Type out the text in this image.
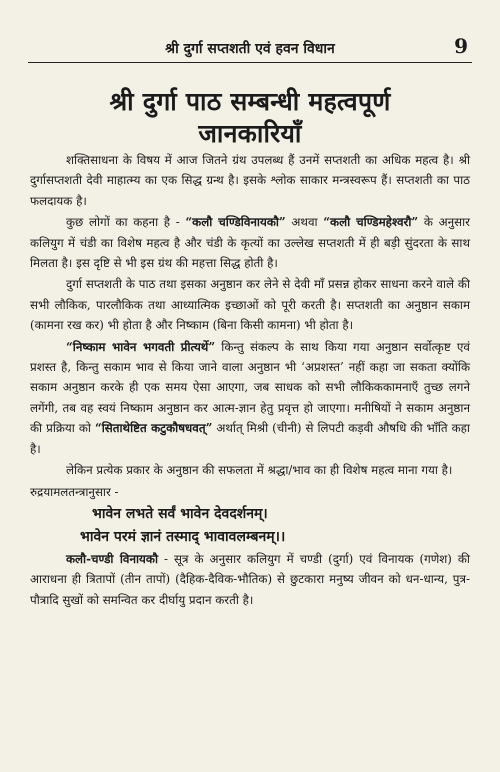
श्री दुर्गा सप्तशती एवं हवन विधान	9
श्री दुर्गा पाठ सम्बन्धी महत्वपूर्ण
जानकारियाँ

शक्तिसाधना के विषय में आज जितने ग्रंथ उपलब्ध हैं उनमें सप्तशती का अधिक महत्व है। श्री दुर्गासप्तशती देवी माहात्म्य का एक सिद्ध ग्रन्थ है। इसके श्लोक साकार मन्त्रस्वरूप हैं। सप्तशती का पाठ फलदायक है।

कुछ लोगों का कहना है - “कलौ चण्डिविनायकौ” अथवा “कलौ चण्डिमहेश्वरौ” के अनुसार कलियुग में चंडी का विशेष महत्व है और चंडी के कृत्यों का उल्लेख सप्तशती में ही बड़ी सुंदरता के साथ मिलता है। इस दृष्टि से भी इस ग्रंथ की महत्ता सिद्ध होती है।

दुर्गा सप्तशती के पाठ तथा इसका अनुष्ठान कर लेने से देवी माँ प्रसन्न होकर साधना करने वाले की सभी लौकिक, पारलौकिक तथा आध्यात्मिक इच्छाओं को पूरी करती है। सप्तशती का अनुष्ठान सकाम (कामना रख कर) भी होता है और निष्काम (बिना किसी कामना) भी होता है।

“निष्काम भावेन भगवती प्रीत्यर्थे” किन्तु संकल्प के साथ किया गया अनुष्ठान सर्वोत्कृष्ट एवं प्रशस्त है, किन्तु सकाम भाव से किया जाने वाला अनुष्ठान भी ‘अप्रशस्त’ नहीं कहा जा सकता क्योंकि सकाम अनुष्ठान करके ही एक समय ऐसा आएगा, जब साधक को सभी लौकिककामनाएँ तुच्छ लगने लगेंगी, तब वह स्वयं निष्काम अनुष्ठान कर आत्म-ज्ञान हेतु प्रवृत्त हो जाएगा। मनीषियों ने सकाम अनुष्ठान की प्रक्रिया को “सिताथेष्टित कटुकौषधवत्” अर्थात् मिश्री (चीनी) से लिपटी कड़वी औषधि की भाँति कहा है।

लेकिन प्रत्येक प्रकार के अनुष्ठान की सफलता में श्रद्धा/भाव का ही विशेष महत्व माना गया है।

रुद्रयामलतन्त्रानुसार -

भावेन लभते सर्वं भावेन देवदर्शनम्।
भावेन परमं ज्ञानं तस्माद् भावावलम्बनम्।।

कलौ-चण्डी विनायकौ - सूत्र के अनुसार कलियुग में चण्डी (दुर्गा) एवं विनायक (गणेश) की आराधना ही त्रितापों (तीन तापों) (दैहिक-दैविक-भौतिक) से छुटकारा मनुष्य जीवन को धन-धान्य, पुत्र-पौत्रादि सुखों को समन्वित कर दीर्घायु प्रदान करती है।
